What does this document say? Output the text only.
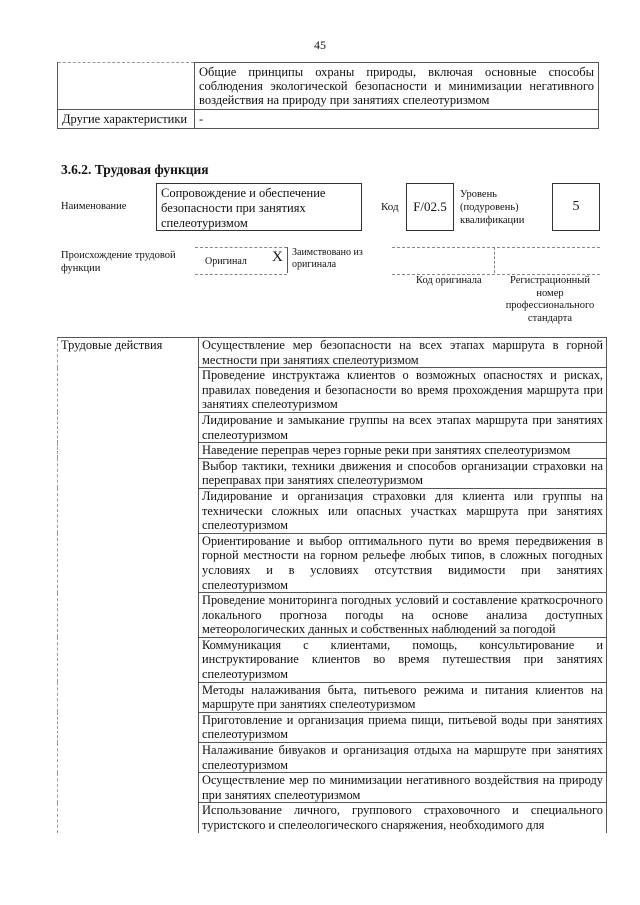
45
	Общие принципы охраны природы, включая основные способы соблюдения экологической безопасности и минимизации негативного воздействия на природу при занятиях спелеотуризмом
Другие характеристики	-
3.6.2. Трудовая функция
Наименование
Сопровождение и обеспечение безопасности при занятиях спелеотуризмом
Код	F/02.5
Уровень (подуровень) квалификации
5
Происхождение трудовой функции
Оригинал X Заимствовано из оригинала
Код оригинала	Регистрационный номер профессионального стандарта
Трудовые действия	Осуществление мер безопасности на всех этапах маршрута в горной местности при занятиях спелеотуризмом
Проведение инструктажа клиентов о возможных опасностях и рисках, правилах поведения и безопасности во время прохождения маршрута при занятиях спелеотуризмом
Лидирование и замыкание группы на всех этапах маршрута при занятиях спелеотуризмом
Наведение переправ через горные реки при занятиях спелеотуризмом
Выбор тактики, техники движения и способов организации страховки на переправах при занятиях спелеотуризмом
Лидирование и организация страховки для клиента или группы на технически сложных или опасных участках маршрута при занятиях спелеотуризмом
Ориентирование и выбор оптимального пути во время передвижения в горной местности на горном рельефе любых типов, в сложных погодных условиях и в условиях отсутствия видимости при занятиях спелеотуризмом
Проведение мониторинга погодных условий и составление краткосрочного локального прогноза погоды на основе анализа доступных метеорологических данных и собственных наблюдений за погодой
Коммуникация с клиентами, помощь, консультирование и инструктирование клиентов во время путешествия при занятиях спелеотуризмом
Методы налаживания быта, питьевого режима и питания клиентов на маршруте при занятиях спелеотуризмом
Приготовление и организация приема пищи, питьевой воды при занятиях спелеотуризмом
Налаживание бивуаков и организация отдыха на маршруте при занятиях спелеотуризмом
Осуществление мер по минимизации негативного воздействия на природу при занятиях спелеотуризмом
Использование личного, группового страховочного и специального туристского и спелеологического снаряжения, необходимого для
